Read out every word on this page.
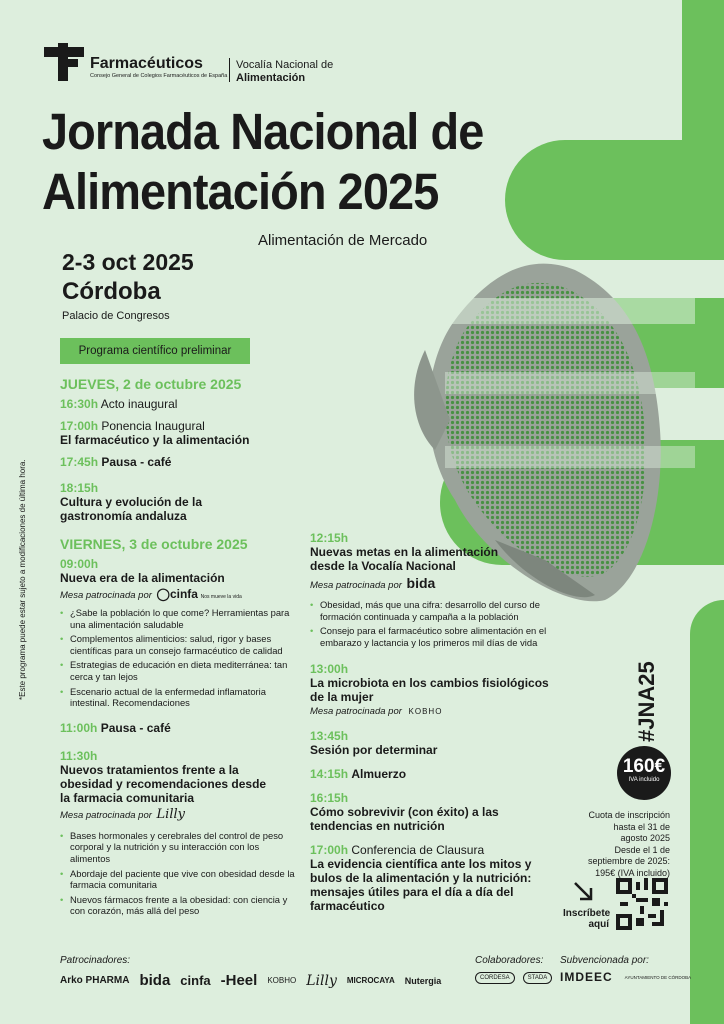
Farmacéuticos
Consejo General de Colegios Farmacéuticos de España
Vocalía Nacional de
Alimentación
Jornada Nacional de
Alimentación 2025
Alimentación de Mercado
2-3 oct 2025
Córdoba
Palacio de Congresos
Programa científico preliminar
*Este programa puede estar sujeto a modificaciones de última hora.
JUEVES, 2 de octubre 2025
16:30h Acto inaugural
17:00h Ponencia Inaugural
El farmacéutico y la alimentación
17:45h Pausa - café
18:15h
Cultura y evolución de la
gastronomía andaluza
VIERNES, 3 de octubre 2025
09:00h
Nueva era de la alimentación
Mesa patrocinada por ◯cinfa Nos mueve la vida
• ¿Sabe la población lo que come? Herramientas para una alimentación saludable
• Complementos alimenticios: salud, rigor y bases científicas para un consejo farmacéutico de calidad
• Estrategias de educación en dieta mediterránea: tan cerca y tan lejos
• Escenario actual de la enfermedad inflamatoria intestinal. Recomendaciones
11:00h Pausa - café
11:30h
Nuevos tratamientos frente a la
obesidad y recomendaciones desde
la farmacia comunitaria
Mesa patrocinada por Lilly
• Bases hormonales y cerebrales del control de peso corporal y la nutrición y su interacción con los alimentos
• Abordaje del paciente que vive con obesidad desde la farmacia comunitaria
• Nuevos fármacos frente a la obesidad: con ciencia y con corazón, más allá del peso
12:15h
Nuevas metas en la alimentación
desde la Vocalía Nacional
Mesa patrocinada por bida
• Obesidad, más que una cifra: desarrollo del curso de formación continuada y campaña a la población
• Consejo para el farmacéutico sobre alimentación en el embarazo y lactancia y los primeros mil días de vida
13:00h
La microbiota en los cambios fisiológicos
de la mujer
Mesa patrocinada por KOBHO
13:45h
Sesión por determinar
14:15h Almuerzo
16:15h
Cómo sobrevivir (con éxito) a las
tendencias en nutrición
17:00h Conferencia de Clausura
La evidencia científica ante los mitos y
bulos de la alimentación y la nutrición:
mensajes útiles para el día a día del
farmacéutico
#JNA25
160€
IVA incluido
Cuota de inscripción
hasta el 31 de
agosto 2025
Desde el 1 de
septiembre de 2025:
195€ (IVA incluido)
Inscríbete
aquí
Patrocinadores:
Arko PHARMA bida cinfa -Heel KOBHO Lilly MICROCAYA Nutergia
Colaboradores:
CORDESA	STADA
Subvencionada por:
IMDEEC	AYUNTAMIENTO DE CÓRDOBA
